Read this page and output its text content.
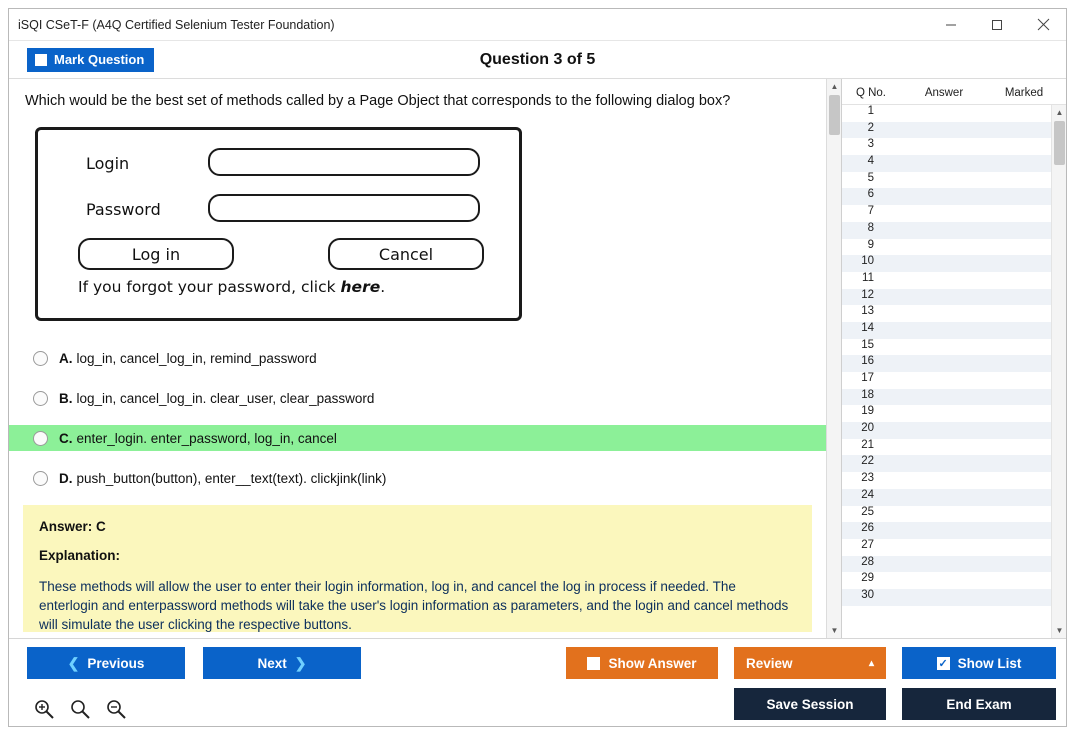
iSQI CSeT-F (A4Q Certified Selenium Tester Foundation)
Mark Question	Question 3 of 5
Which would be the best set of methods called by a Page Object that corresponds to the following dialog box?
Login
Password
Log in	Cancel
If you forgot your password, click here.
A. log_in, cancel_log_in, remind_password
B. log_in, cancel_log_in. clear_user, clear_password
C. enter_login. enter_password, log_in, cancel
D. push_button(button), enter__text(text). clickjink(link)
Answer: C
Explanation:
These methods will allow the user to enter their login information, log in, and cancel the log in process if needed. The enterlogin and enterpassword methods will take the user's login information as parameters, and the login and cancel methods will simulate the user clicking the respective buttons.
▲
▼
Q No.	Answer	Marked
1
2
3
4
5
6
7
8
9
10
11
12
13
14
15
16
17
18
19
20
21
22
23
24
25
26
27
28
29
30
▲
▼
❮ Previous	Next ❯	Show Answer	Review	▴	✓ Show List
Save Session	End Exam
